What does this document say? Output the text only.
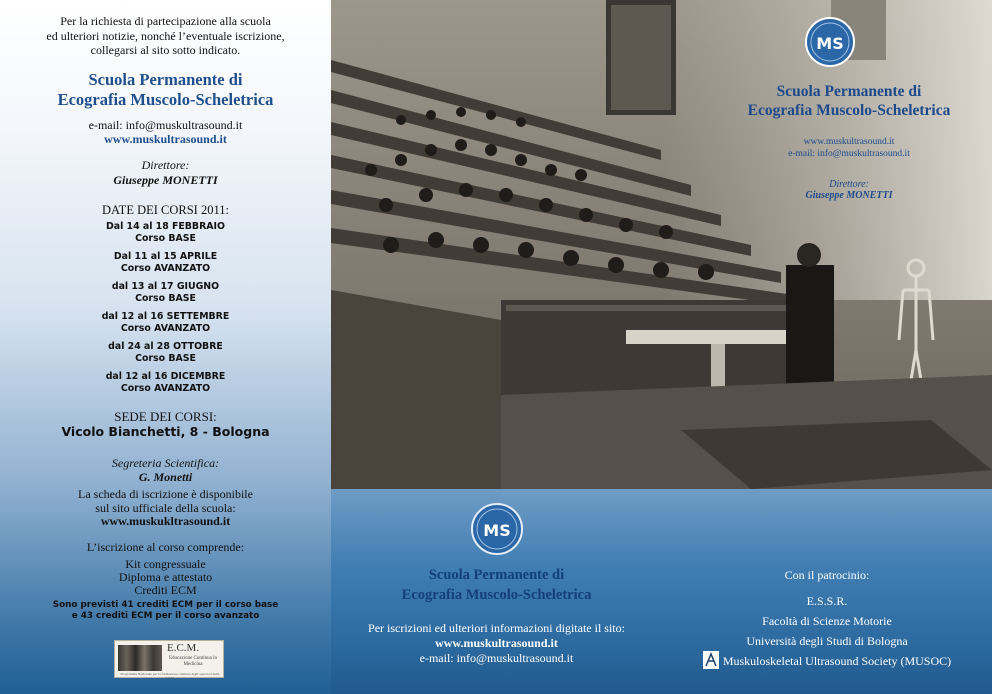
Per la richiesta di partecipazione alla scuola
ed ulteriori notizie, nonché l’eventuale iscrizione,
collegarsi al sito sotto indicato.
Scuola Permanente di
Ecografia Muscolo-Scheletrica
e-mail: info@muskultrasound.it
www.muskultrasound.it
Direttore:
Giuseppe MONETTI
DATE DEI CORSI 2011:
Dal 14 al 18 FEBBRAIO
Corso BASE
Dal 11 al 15 APRILE
Corso AVANZATO
dal 13 al 17 GIUGNO
Corso BASE
dal 12 al 16 SETTEMBRE
Corso AVANZATO
dal 24 al 28 OTTOBRE
Corso BASE
dal 12 al 16 DICEMBRE
Corso AVANZATO
SEDE DEI CORSI:
Vicolo Bianchetti, 8 - Bologna
Segreteria Scientifica:
G. Monetti
La scheda di iscrizione è disponibile
sul sito ufficiale della scuola:
www.muskukltrasound.it
L’iscrizione al corso comprende:
Kit congressuale
Diploma e attestato
Crediti ECM
Sono previsti 41 crediti ECM per il corso base
e 43 crediti ECM per il corso avanzato
E.C.M.
Educazione Continua in Medicina
Programma Nazionale per la formazione continua degli operatori della Sanità
MS
Scuola Permanente di
Ecografia Muscolo-Scheletrica
www.muskultrasound.it
e-mail: info@muskultrasound.it
Direttore:
Giuseppe MONETTI
MS
Scuola Permanente di
Ecografia Muscolo-Scheletrica
Per iscrizioni ed ulteriori informazioni digitate il sito:
www.muskultrasound.it
e-mail: info@muskultrasound.it
Con il patrocinio:
E.S.S.R.
Facoltà di Scienze Motorie
Università degli Studi di Bologna
Muskuloskeletal Ultrasound Society (MUSOC)
